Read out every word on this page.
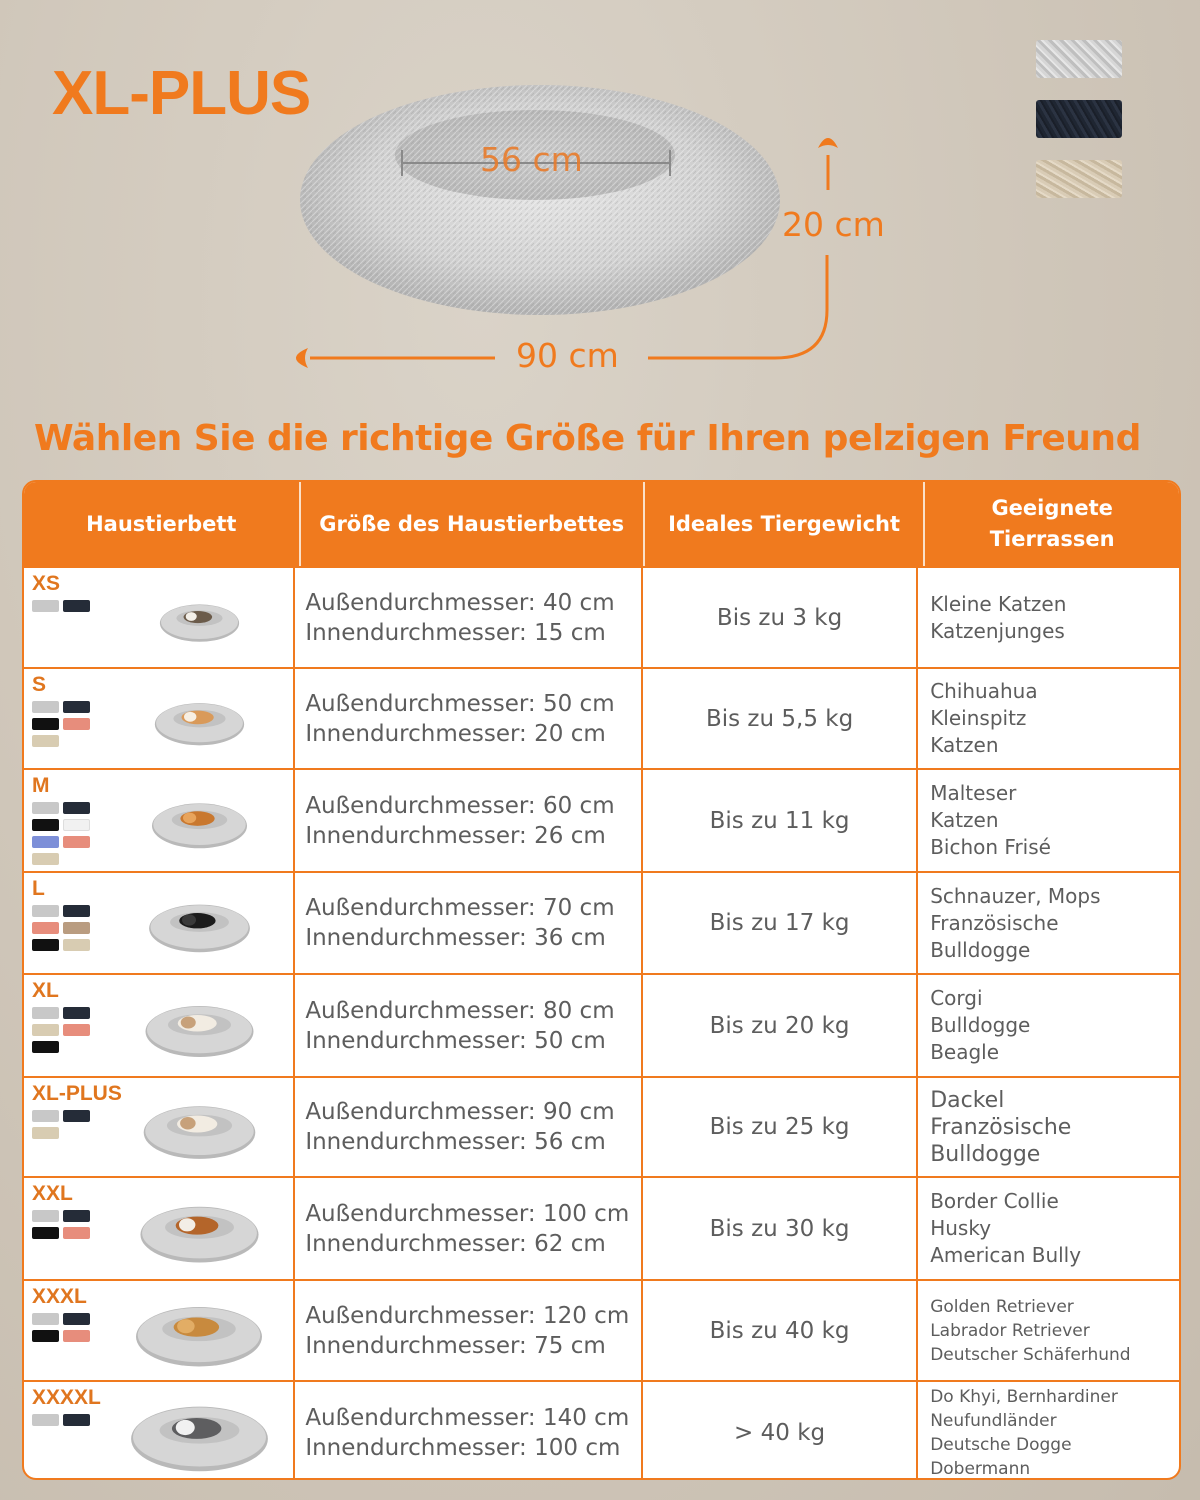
XL-PLUS
56 cm
20 cm
90 cm
Wählen Sie die richtige Größe für Ihren pelzigen Freund
Haustierbett	Größe des Haustierbettes	Ideales Tiergewicht
Geeignete Tierrassen
XS
Außendurchmesser: 40 cm
Innendurchmesser: 15 cm
Bis zu 3 kg
Kleine Katzen
Katzenjunges
S
Außendurchmesser: 50 cm
Innendurchmesser: 20 cm
Bis zu 5,5 kg
Chihuahua
Kleinspitz
Katzen
M
Außendurchmesser: 60 cm
Innendurchmesser: 26 cm
Bis zu 11 kg
Malteser
Katzen
Bichon Frisé
L
Außendurchmesser: 70 cm
Innendurchmesser: 36 cm
Bis zu 17 kg
Schnauzer, Mops
Französische
Bulldogge
XL
Außendurchmesser: 80 cm
Innendurchmesser: 50 cm
Bis zu 20 kg
Corgi
Bulldogge
Beagle
XL-PLUS
Außendurchmesser: 90 cm
Innendurchmesser: 56 cm
Bis zu 25 kg
Dackel
Französische
Bulldogge
XXL
Außendurchmesser: 100 cm
Innendurchmesser: 62 cm
Bis zu 30 kg
Border Collie
Husky
American Bully
XXXL
Außendurchmesser: 120 cm
Innendurchmesser: 75 cm
Bis zu 40 kg
Golden Retriever
Labrador Retriever
Deutscher Schäferhund
XXXXL
Außendurchmesser: 140 cm
Innendurchmesser: 100 cm
> 40 kg
Do Khyi, Bernhardiner
Neufundländer
Deutsche Dogge
Dobermann
